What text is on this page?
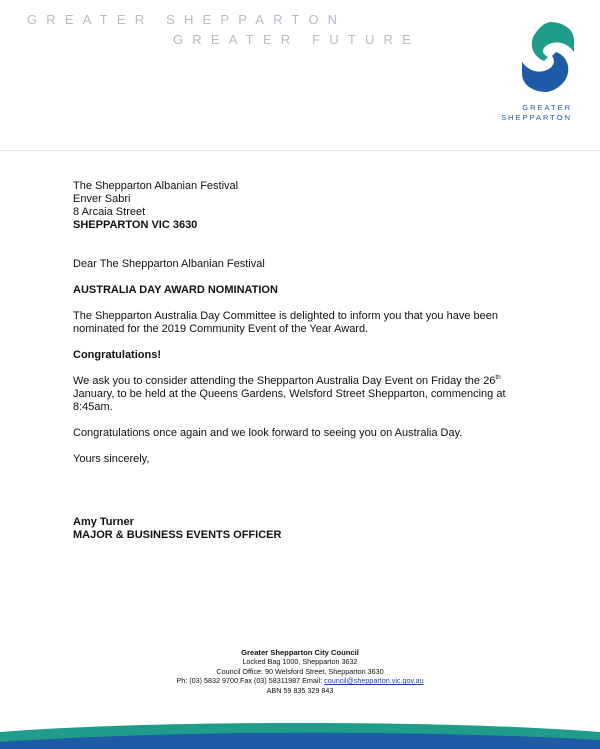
GREATER SHEPPARTON
GREATER FUTURE
GREATER
SHEPPARTON

The Shepparton Albanian Festival

Enver Sabri

8 Arcaia Street

SHEPPARTON VIC 3630

Dear The Shepparton Albanian Festival

AUSTRALIA DAY AWARD NOMINATION

The Shepparton Australia Day Committee is delighted to inform you that you have been nominated for the 2019 Community Event of the Year Award.

Congratulations!

We ask you to consider attending the Shepparton Australia Day Event on Friday the 26th January, to be held at the Queens Gardens, Welsford Street Shepparton, commencing at 8:45am.

Congratulations once again and we look forward to seeing you on Australia Day.

Yours sincerely,

Amy Turner

MAJOR & BUSINESS EVENTS OFFICER

Greater Shepparton City Council
Locked Bag 1000, Shepparton 3632
Council Office: 90 Welsford Street, Shepparton 3630
Ph: (03) 5832 9700 Fax (03) 58311987 Email: council@shepparton.vic.gov.au
ABN 59 835 329 843
